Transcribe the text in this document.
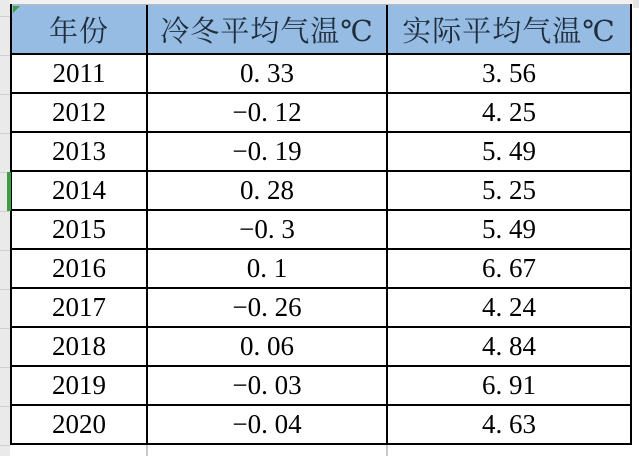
年份 冷冬平均气温℃ 实际平均气温℃
2011	0. 33	3. 56
2012	−0. 12	4. 25
2013	−0. 19	5. 49
2014	0. 28	5. 25
2015	−0. 3	5. 49
2016	0. 1	6. 67
2017	−0. 26	4. 24
2018	0. 06	4. 84
2019	−0. 03	6. 91
2020	−0. 04	4. 63
